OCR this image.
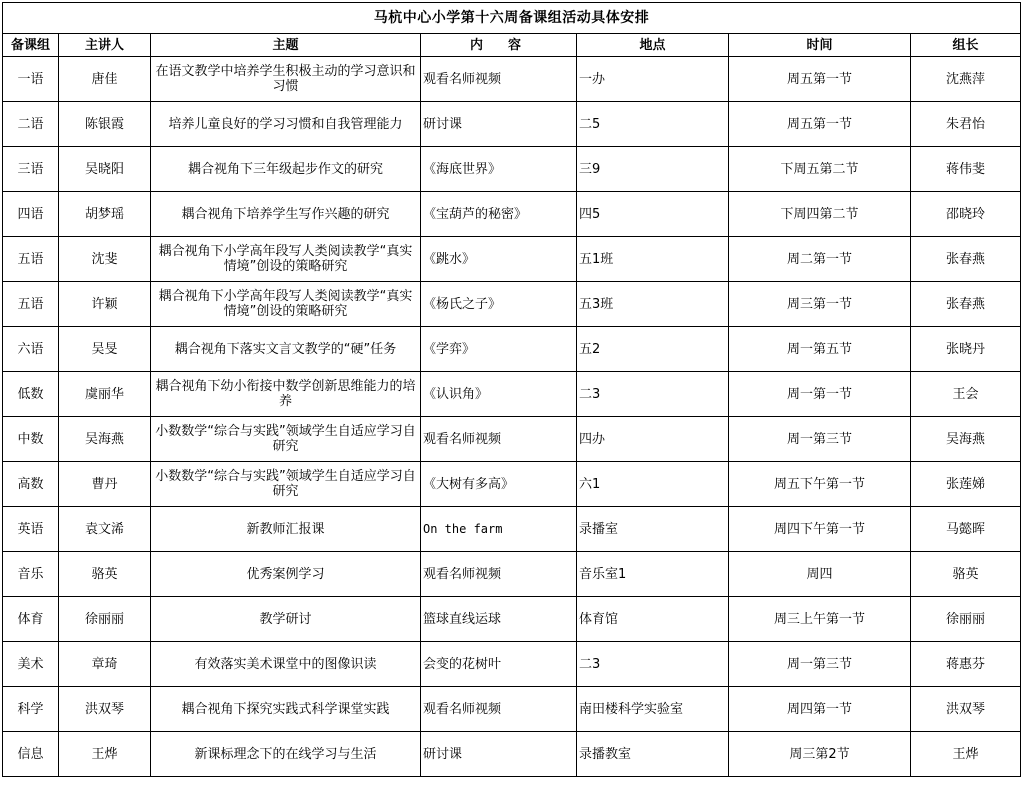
马杭中心小学第十六周备课组活动具体安排						
备课组	主讲人	主题	内　容	地点	时间	组长
一语	唐佳	在语文教学中培养学生积极主动的学习意识和习惯	观看名师视频	一办	周五第一节	沈燕萍
二语	陈银霞	培养儿童良好的学习习惯和自我管理能力	研讨课	二5	周五第一节	朱君怡
三语	吴晓阳	耦合视角下三年级起步作文的研究	《海底世界》	三9	下周五第二节	蒋伟斐
四语	胡梦瑶	耦合视角下培养学生写作兴趣的研究	《宝葫芦的秘密》	四5	下周四第二节	邵晓玲
五语	沈斐	耦合视角下小学高年段写人类阅读教学“真实情境”创设的策略研究	《跳水》	五1班	周二第一节	张春燕
五语	许颖	耦合视角下小学高年段写人类阅读教学“真实情境”创设的策略研究	《杨氏之子》	五3班	周三第一节	张春燕
六语	吴旻	耦合视角下落实文言文教学的“硬”任务	《学弈》	五2	周一第五节	张晓丹
低数	虞丽华	耦合视角下幼小衔接中数学创新思维能力的培养	《认识角》	二3	周一第一节	王会
中数	吴海燕	小数数学“综合与实践”领域学生自适应学习自研究	观看名师视频	四办	周一第三节	吴海燕
高数	曹丹	小数数学“综合与实践”领域学生自适应学习自研究	《大树有多高》	六1	周五下午第一节	张莲娣
英语	袁文浠	新教师汇报课	On the farm	录播室	周四下午第一节	马懿晖
音乐	骆英	优秀案例学习	观看名师视频	音乐室1	周四	骆英
体育	徐丽丽	教学研讨	篮球直线运球	体育馆	周三上午第一节	徐丽丽
美术	章琦	有效落实美术课堂中的图像识读	会变的花树叶	二3	周一第三节	蒋惠芬
科学	洪双琴	耦合视角下探究实践式科学课堂实践	观看名师视频	南田楼科学实验室	周四第一节	洪双琴
信息	王烨	新课标理念下的在线学习与生活	研讨课	录播教室	周三第2节	王烨
